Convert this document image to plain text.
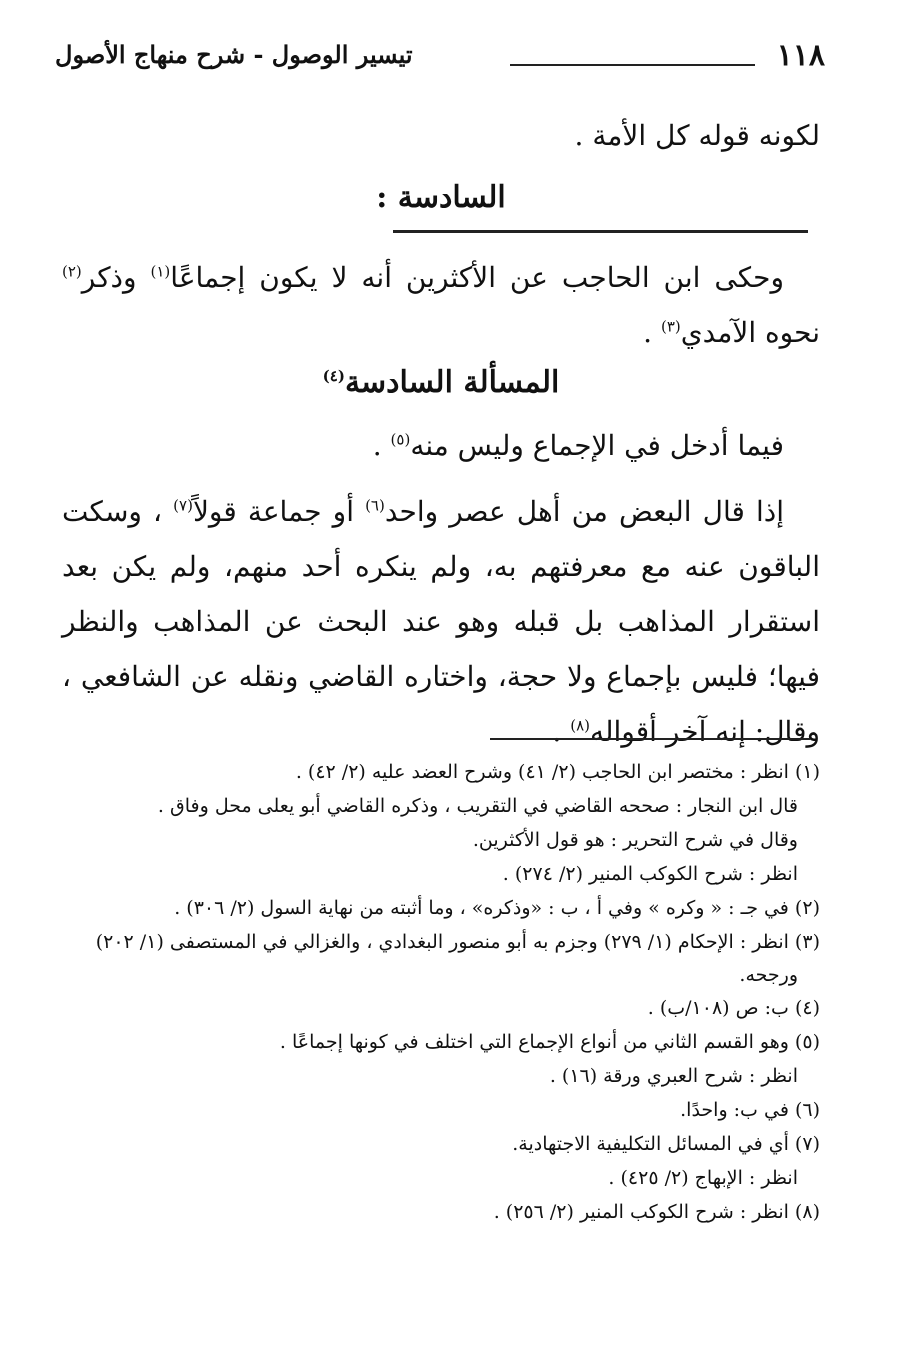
١١٨
تيسير الوصول - شرح منهاج الأصول

لكونه قوله كل الأمة .

السادسة :

وحكى ابن الحاجب عن الأكثرين أنه لا يكون إجماعًا$^{(١)}$ وذكر$^{(٢)}$ نحوه الآمدي$^{(٣)}$ .

المسألة السادسة$^{(٤)}$

فيما أدخل في الإجماع وليس منه$^{(٥)}$ .

إذا قال البعض من أهل عصر واحد$^{(٦)}$ أو جماعة قولاً$^{(٧)}$ ، وسكت الباقون عنه مع معرفتهم به، ولم ينكره أحد منهم، ولم يكن بعد استقرار المذاهب بل قبله وهو عند البحث عن المذاهب والنظر فيها؛ فليس بإجماع ولا حجة، واختاره القاضي ونقله عن الشافعي ، وقال: إنه آخر أقواله$^{(٨)}$ .

(١) انظر : مختصر ابن الحاجب (٢/ ٤١) وشرح العضد عليه (٢/ ٤٢) .

قال ابن النجار : صححه القاضي في التقريب ، وذكره القاضي أبو يعلى محل وفاق .

وقال في شرح التحرير : هو قول الأكثرين.

انظر : شرح الكوكب المنير (٢/ ٢٧٤) .

(٢) في جـ : « وكره » وفي أ ، ب : «وذكره» ، وما أثبته من نهاية السول (٢/ ٣٠٦) .

(٣) انظر : الإحكام (١/ ٢٧٩) وجزم به أبو منصور البغدادي ، والغزالي في المستصفى (١/ ٢٠٢)
ورجحه.

(٤) ب: ص (١٠٨/ب) .

(٥) وهو القسم الثاني من أنواع الإجماع التي اختلف في كونها إجماعًا .

انظر : شرح العبري ورقة (١٦) .

(٦) في ب: واحدًا.

(٧) أي في المسائل التكليفية الاجتهادية.

انظر : الإبهاج (٢/ ٤٢٥) .

(٨) انظر : شرح الكوكب المنير (٢/ ٢٥٦) .
